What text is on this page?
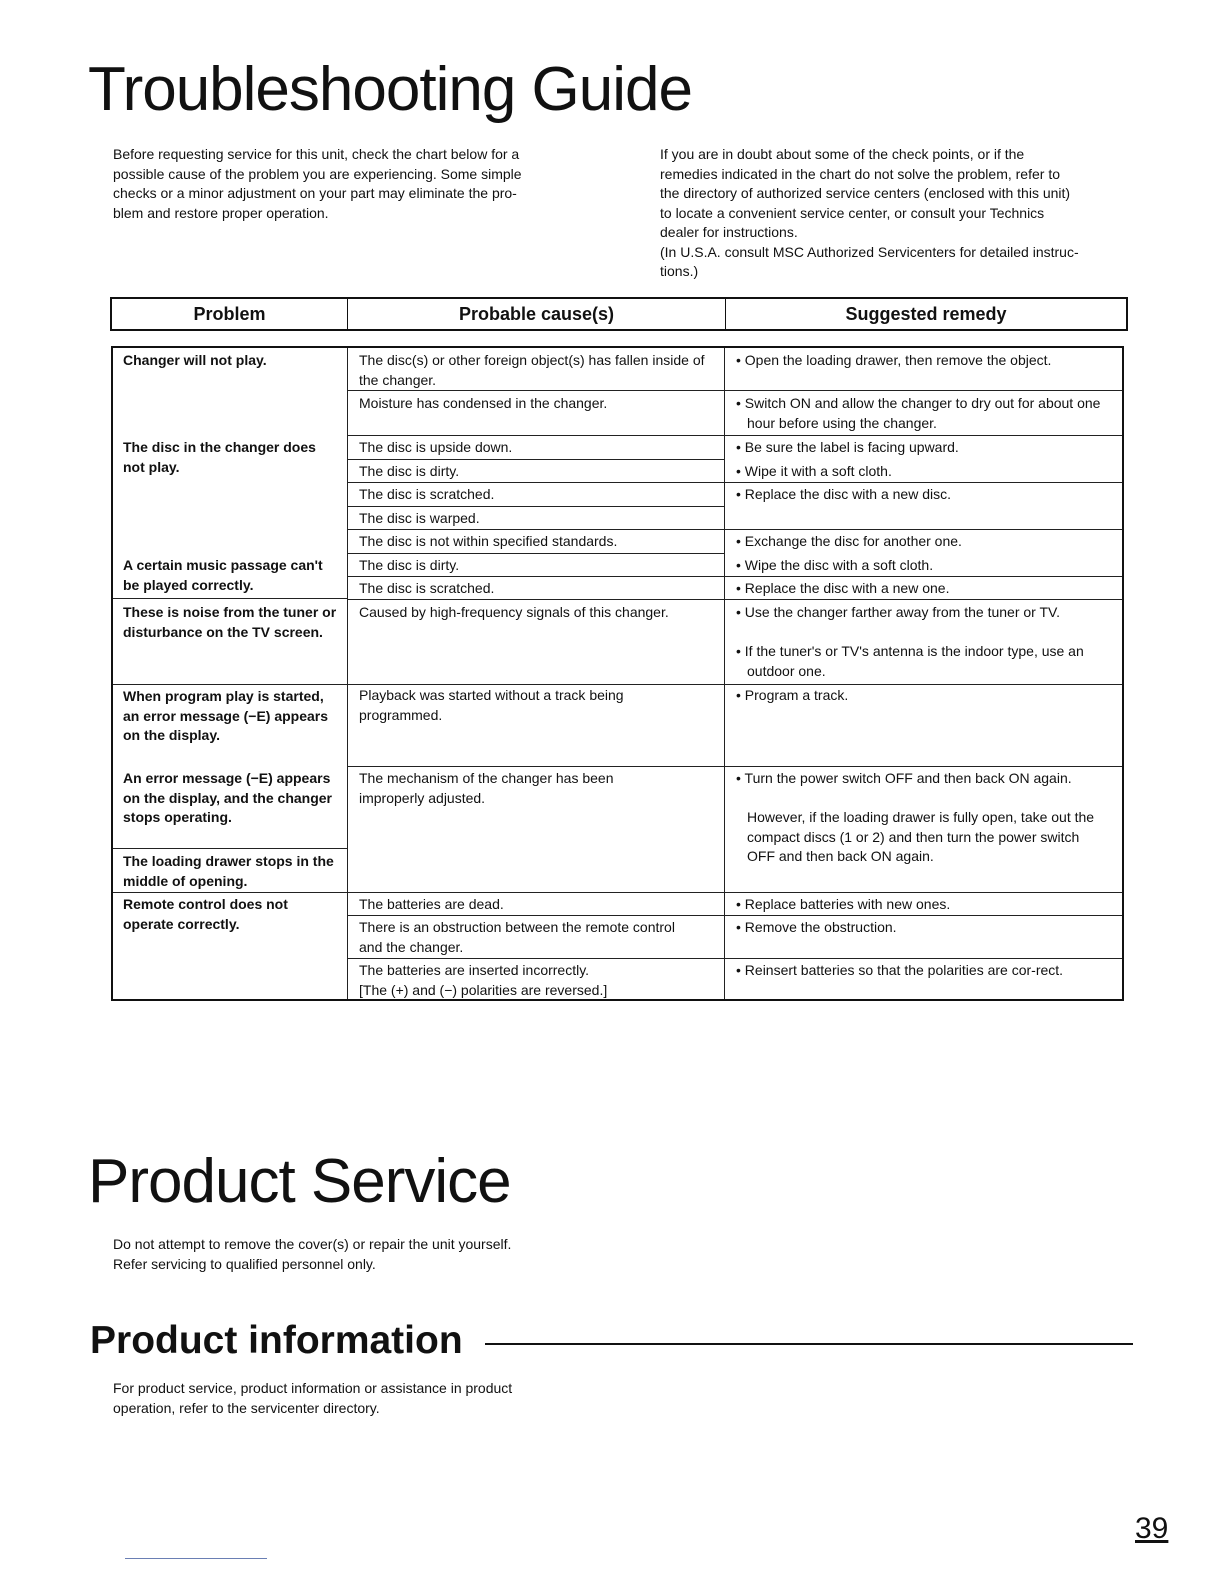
Troubleshooting Guide
Before requesting service for this unit, check the chart below for a
possible cause of the problem you are experiencing. Some simple
checks or a minor adjustment on your part may eliminate the pro-
blem and restore proper operation.
If you are in doubt about some of the check points, or if the
remedies indicated in the chart do not solve the problem, refer to
the directory of authorized service centers (enclosed with this unit)
to locate a convenient service center, or consult your Technics
dealer for instructions.
(In U.S.A. consult MSC Authorized Servicenters for detailed instruc-
tions.)
Problem	Probable cause(s)	Suggested remedy
Changer will not play.
The disc in the changer does not play.
A certain music passage can't be played correctly.
These is noise from the tuner or disturbance on the TV screen.
When program play is started, an error message (−E) appears on the display.
An error message (−E) appears on the display, and the changer stops operating.
The loading drawer stops in the middle of opening.
Remote control does not operate correctly.
The disc(s) or other foreign object(s) has fallen inside of the changer.
Moisture has condensed in the changer.
The disc is upside down.
The disc is dirty.
The disc is scratched.
The disc is warped.
The disc is not within specified standards.
The disc is dirty.
The disc is scratched.
Caused by high-frequency signals of this changer.
Playback was started without a track being programmed.
The mechanism of the changer has been improperly adjusted.
The batteries are dead.
There is an obstruction between the remote control and the changer.
The batteries are inserted incorrectly.
[The (+) and (−) polarities are reversed.]
• Open the loading drawer, then remove the object.
• Switch ON and allow the changer to dry out for about one hour before using the changer.
• Be sure the label is facing upward.
• Wipe it with a soft cloth.
• Replace the disc with a new disc.
• Exchange the disc for another one.
• Wipe the disc with a soft cloth.
• Replace the disc with a new one.
• Use the changer farther away from the tuner or TV.
• If the tuner's or TV's antenna is the indoor type, use an outdoor one.
• Program a track.
• Turn the power switch OFF and then back ON again.
However, if the loading drawer is fully open, take out the compact discs (1 or 2) and then turn the power switch OFF and then back ON again.
• Replace batteries with new ones.
• Remove the obstruction.
• Reinsert batteries so that the polarities are cor-rect.
Product Service
Do not attempt to remove the cover(s) or repair the unit yourself.
Refer servicing to qualified personnel only.
Product information
For product service, product information or assistance in product
operation, refer to the servicenter directory.
39
